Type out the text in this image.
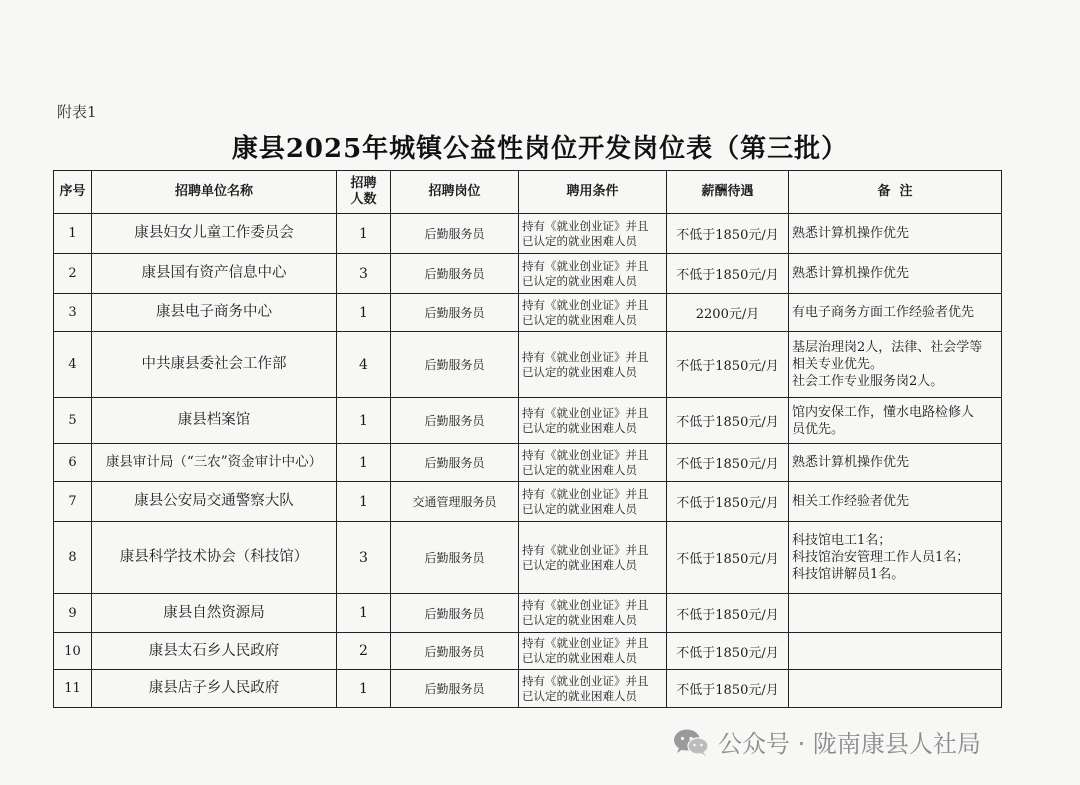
附表1
康县2025年城镇公益性岗位开发岗位表（第三批）
序号	招聘单位名称	招聘
人数	招聘岗位	聘用条件	薪酬待遇	备  注
1	康县妇女儿童工作委员会	1	后勤服务员	持有《就业创业证》并且
已认定的就业困难人员	不低于1850元/月	熟悉计算机操作优先
2	康县国有资产信息中心	3	后勤服务员	持有《就业创业证》并且
已认定的就业困难人员	不低于1850元/月	熟悉计算机操作优先
3	康县电子商务中心	1	后勤服务员	持有《就业创业证》并且
已认定的就业困难人员	2200元/月	有电子商务方面工作经验者优先
4	中共康县委社会工作部	4	后勤服务员	持有《就业创业证》并且
已认定的就业困难人员	不低于1850元/月	基层治理岗2人，法律、社会学等
相关专业优先。
社会工作专业服务岗2人。
5	康县档案馆	1	后勤服务员	持有《就业创业证》并且
已认定的就业困难人员	不低于1850元/月	馆内安保工作，懂水电路检修人
员优先。
6	康县审计局（“三农”资金审计中心）	1	后勤服务员	持有《就业创业证》并且
已认定的就业困难人员	不低于1850元/月	熟悉计算机操作优先
7	康县公安局交通警察大队	1	交通管理服务员	持有《就业创业证》并且
已认定的就业困难人员	不低于1850元/月	相关工作经验者优先
8	康县科学技术协会（科技馆）	3	后勤服务员	持有《就业创业证》并且
已认定的就业困难人员	不低于1850元/月	科技馆电工1名；
科技馆治安管理工作人员1名；
科技馆讲解员1名。
9	康县自然资源局	1	后勤服务员	持有《就业创业证》并且
已认定的就业困难人员	不低于1850元/月	
10	康县太石乡人民政府	2	后勤服务员	持有《就业创业证》并且
已认定的就业困难人员	不低于1850元/月	
11	康县店子乡人民政府	1	后勤服务员	持有《就业创业证》并且
已认定的就业困难人员	不低于1850元/月	
公众号 · 陇南康县人社局
